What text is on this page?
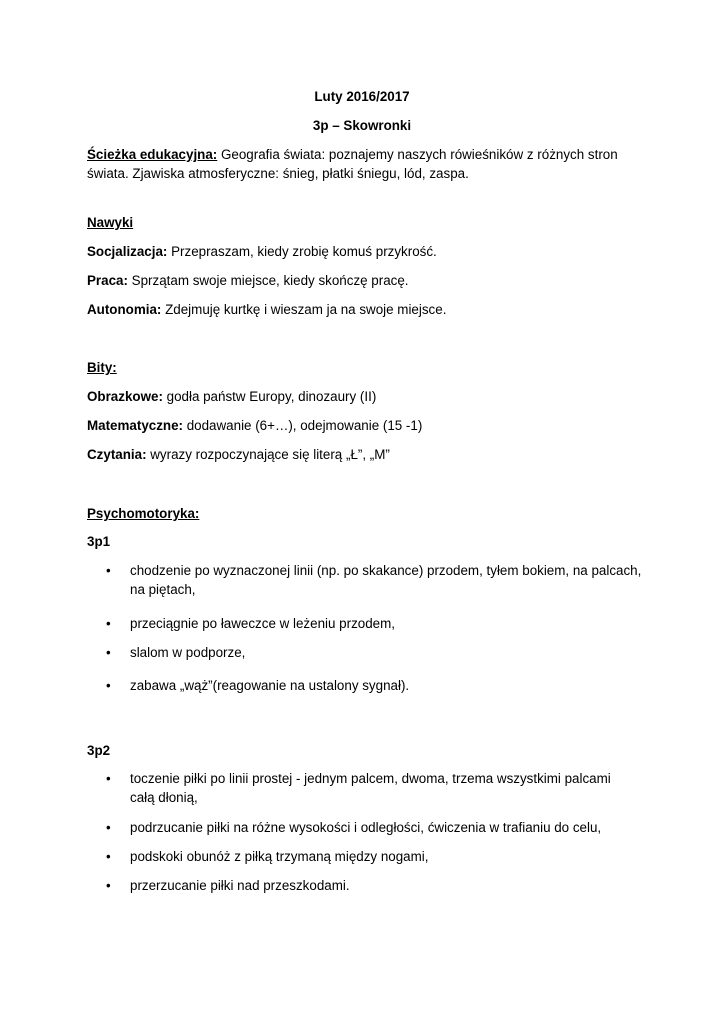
Luty 2016/2017
3p – Skowronki
Ścieżka edukacyjna: Geografia świata: poznajemy naszych rówieśników z różnych stron
świata. Zjawiska atmosferyczne: śnieg, płatki śniegu, lód, zaspa.
Nawyki
Socjalizacja: Przepraszam, kiedy zrobię komuś przykrość.
Praca: Sprzątam swoje miejsce, kiedy skończę pracę.
Autonomia: Zdejmuję kurtkę i wieszam ja na swoje miejsce.
Bity:
Obrazkowe: godła państw Europy, dinozaury (II)
Matematyczne: dodawanie (6+…), odejmowanie (15 -1)
Czytania: wyrazy rozpoczynające się literą „Ł”, „M”
Psychomotoryka:
3p1
•	chodzenie po wyznaczonej linii (np. po skakance) przodem, tyłem bokiem, na palcach,
na piętach,
•	przeciągnie po ławeczce w leżeniu przodem,
•	slalom w podporze,
•	zabawa „wąż”(reagowanie na ustalony sygnał).
3p2
•	toczenie piłki po linii prostej - jednym palcem, dwoma, trzema wszystkimi palcami
całą dłonią,
•	podrzucanie piłki na różne wysokości i odległości, ćwiczenia w trafianiu do celu,
•	podskoki obunóż z piłką trzymaną między nogami,
•	przerzucanie piłki nad przeszkodami.
